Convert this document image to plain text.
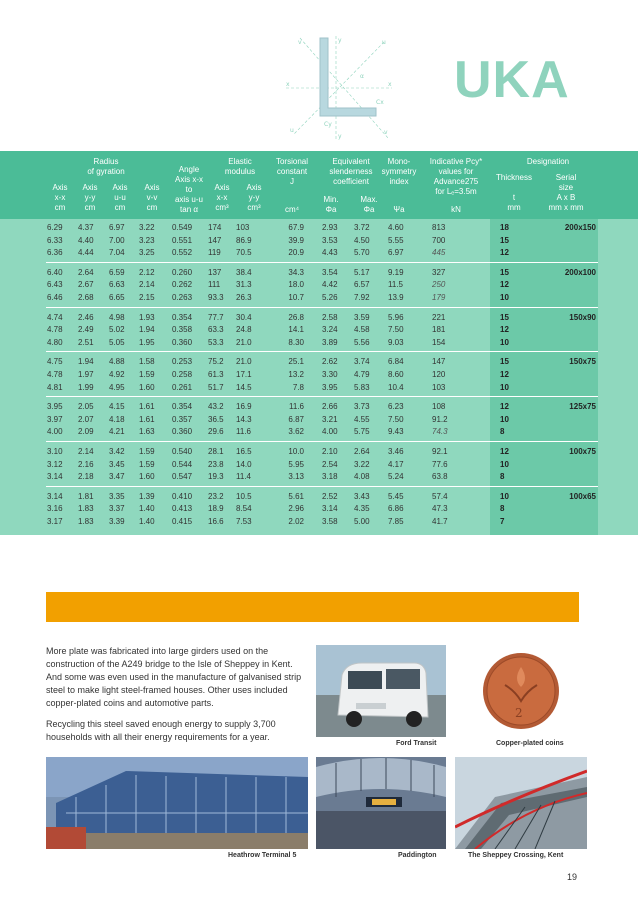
UKA
v	y	u
x	x
u
y
v
α
Cx
Cy
Radius
of gyration
Axis
x-x
cm
Axis
y-y
cm
Axis
u-u
cm
Axis
v-v
cm
Angle
Axis x-x
to
axis u-u
tan α
Elastic
modulus
Axis
x-x
cm³
Axis
y-y
cm³
Torsional
constant
J
cm⁴
Equivalent
slenderness
coefficient
Min.
Φa
Max.
Φa
Mono-
symmetry
index
Ψa
Indicative Pcy*
values for
Advance275
for Lₑ=3.5m
kN
Designation
Thickness

t
mm
Serial
size
A x B
mm x mm
6.29 4.37 6.97 3.22 0.549 174 103	67.9 2.93 3.72 4.60	813	18	200x150
6.33 4.40 7.00 3.23 0.551 147 86.9	39.9 3.53 4.50 5.55	700	15
6.36 4.44 7.04 3.25 0.552 119 70.5	20.9 4.43 5.70 6.97	445	12
6.40 2.64 6.59 2.12 0.260 137 38.4	34.3 3.54 5.17 9.19	327	15	200x100
6.43 2.67 6.63 2.14 0.262 111 31.3	18.0 4.42 6.57 11.5	250	12
6.46 2.68 6.65 2.15 0.263 93.3 26.3	10.7 5.26 7.92 13.9	179	10
4.74 2.46 4.98 1.93 0.354 77.7 30.4	26.8 2.58 3.59 5.96	221	15	150x90
4.78 2.49 5.02 1.94 0.358 63.3 24.8	14.1 3.24 4.58 7.50	181	12
4.80 2.51 5.05 1.95 0.360 53.3 21.0	8.30 3.89 5.56 9.03	154	10
4.75 1.94 4.88 1.58 0.253 75.2 21.0	25.1 2.62 3.74 6.84	147	15	150x75
4.78 1.97 4.92 1.59 0.258 61.3 17.1	13.2 3.30 4.79 8.60	120	12
4.81 1.99 4.95 1.60 0.261 51.7 14.5	7.8 3.95 5.83 10.4	103	10
3.95 2.05 4.15 1.61 0.354 43.2 16.9	11.6 2.66 3.73 6.23	108	12	125x75
3.97 2.07 4.18 1.61 0.357 36.5 14.3	6.87 3.21 4.55 7.50	91.2	10
4.00 2.09 4.21 1.63 0.360 29.6 11.6	3.62 4.00 5.75 9.43	74.3	8
3.10 2.14 3.42 1.59 0.540 28.1 16.5	10.0 2.10 2.64 3.46	92.1	12	100x75
3.12 2.16 3.45 1.59 0.544 23.8 14.0	5.95 2.54 3.22 4.17	77.6	10
3.14 2.18 3.47 1.60 0.547 19.3 11.4	3.13 3.18 4.08 5.24	63.8	8
3.14 1.81 3.35 1.39 0.410 23.2 10.5	5.61 2.52 3.43 5.45	57.4	10	100x65
3.16 1.83 3.37 1.40 0.413 18.9 8.54	2.96 3.14 4.35 6.86	47.3	8
3.17 1.83 3.39 1.40 0.415 16.6 7.53	2.02 3.58 5.00 7.85	41.7	7

More plate was fabricated into large girders used on the construction of the A249 bridge to the Isle of Sheppey in Kent. And some was even used in the manufacture of galvanised strip steel to make light steel-framed houses. Other uses included copper-plated coins and automotive parts.

Recycling this steel saved enough energy to supply 3,700 households with all their energy requirements for a year.

Ford Transit
2
Copper-plated coins
Heathrow Terminal 5	Paddington	The Sheppey Crossing, Kent
19
